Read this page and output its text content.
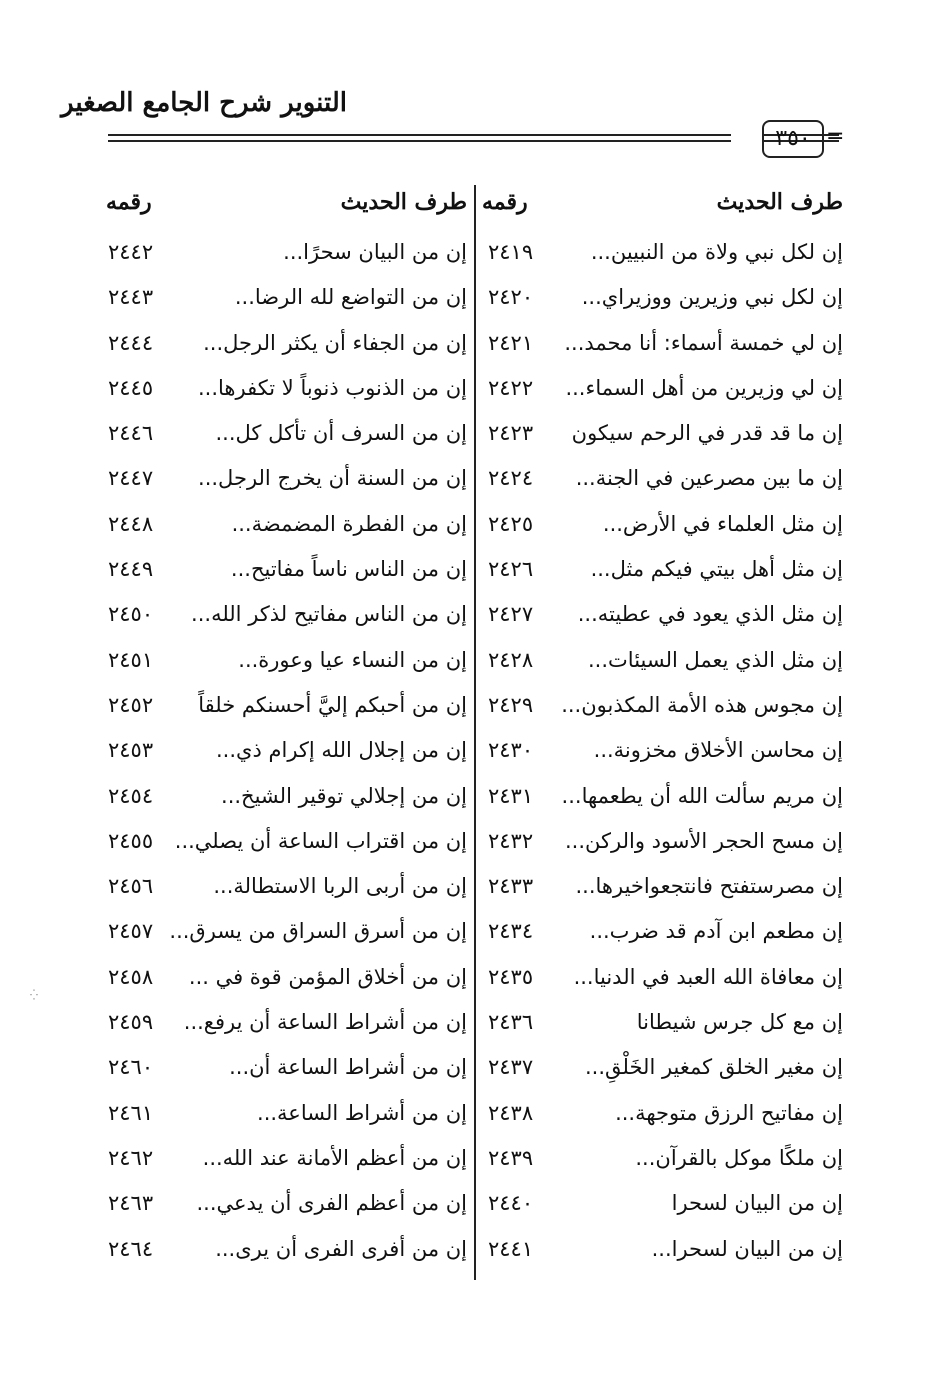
التنوير شرح الجامع الصغير
٣٥٠ =
طرف الحديث
رقمه
طرف الحديث
رقمه
إن لكل نبي ولاة من النبيين...
٢٤١٩
إن من البيان سحرًا...
٢٤٤٢
إن لكل نبي وزيرين ووزيراي...
٢٤٢٠
إن من التواضع لله الرضا...
٢٤٤٣
إن لي خمسة أسماء: أنا محمد...
٢٤٢١
إن من الجفاء أن يكثر الرجل...
٢٤٤٤
إن لي وزيرين من أهل السماء...
٢٤٢٢
إن من الذنوب ذنوباً لا تكفرها...
٢٤٤٥
إن ما قد قدر في الرحم سيكون
٢٤٢٣
إن من السرف أن تأكل كل...
٢٤٤٦
إن ما بين مصرعين في الجنة...
٢٤٢٤
إن من السنة أن يخرج الرجل...
٢٤٤٧
إن مثل العلماء في الأرض...
٢٤٢٥
إن من الفطرة المضمضة...
٢٤٤٨
إن مثل أهل بيتي فيكم مثل...
٢٤٢٦
إن من الناس ناساً مفاتيح...
٢٤٤٩
إن مثل الذي يعود في عطيته...
٢٤٢٧
إن من الناس مفاتيح لذكر الله...
٢٤٥٠
إن مثل الذي يعمل السيئات...
٢٤٢٨
إن من النساء عيا وعورة...
٢٤٥١
إن مجوس هذه الأمة المكذبون...
٢٤٢٩
إن من أحبكم إليَّ أحسنكم خلقاً
٢٤٥٢
إن محاسن الأخلاق مخزونة...
٢٤٣٠
إن من إجلال الله إكرام ذي...
٢٤٥٣
إن مريم سألت الله أن يطعمها...
٢٤٣١
إن من إجلالي توقير الشيخ...
٢٤٥٤
إن مسح الحجر الأسود والركن...
٢٤٣٢
إن من اقتراب الساعة أن يصلي...
٢٤٥٥
إن مصرستفتح فانتجعواخيرها...
٢٤٣٣
إن من أربى الربا الاستطالة...
٢٤٥٦
إن مطعم ابن آدم قد ضرب...
٢٤٣٤
إن من أسرق السراق من يسرق...
٢٤٥٧
إن معافاة الله العبد في الدنيا...
٢٤٣٥
إن من أخلاق المؤمن قوة في ...
٢٤٥٨
إن مع كل جرس شيطانا
٢٤٣٦
إن من أشراط الساعة أن يرفع...
٢٤٥٩
إن مغير الخلق كمغير الخَلْقِ...
٢٤٣٧
إن من أشراط الساعة أن...
٢٤٦٠
إن مفاتيح الرزق متوجهة...
٢٤٣٨
إن من أشراط الساعة...
٢٤٦١
إن ملكًا موكل بالقرآن...
٢٤٣٩
إن من أعظم الأمانة عند الله...
٢٤٦٢
إن من البيان لسحرا
٢٤٤٠
إن من أعظم الفرى أن يدعي...
٢٤٦٣
إن من البيان لسحرا...
٢٤٤١
إن من أفرى الفرى أن يرى...
٢٤٦٤
⁛
